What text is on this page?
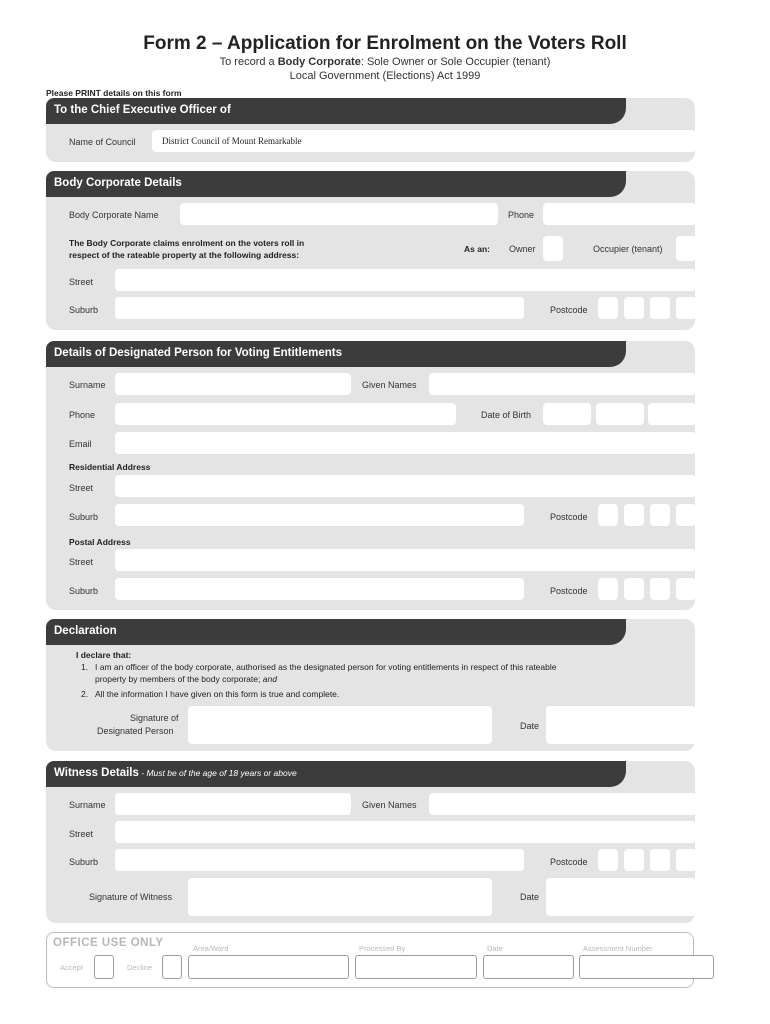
Form 2 – Application for Enrolment on the Voters Roll
To record a Body Corporate: Sole Owner or Sole Occupier (tenant)
Local Government (Elections) Act 1999
Please PRINT details on this form
To the Chief Executive Officer of
Name of Council	District Council of Mount Remarkable
Body Corporate Details
Body Corporate Name	Phone
The Body Corporate claims enrolment on the voters roll in
respect of the rateable property at the following address:
As an: Owner	Occupier (tenant)
Street
Suburb	Postcode
Details of Designated Person for Voting Entitlements
Surname	Given Names
Phone	Date of Birth
Email
Residential Address
Street
Suburb	Postcode
Postal Address
Street
Suburb	Postcode
Declaration
I declare that:
1. I am an officer of the body corporate, authorised as the designated person for voting entitlements in respect of this rateable
property by members of the body corporate; and
2. All the information I have given on this form is true and complete.
Signature of
Designated Person	Date
Witness Details - Must be of the age of 18 years or above
Surname	Given Names
Street
Suburb	Postcode
Signature of Witness	Date
OFFICE USE ONLY	Area/Ward	Processed By	Date	Assessment Number
Accept	Decline
